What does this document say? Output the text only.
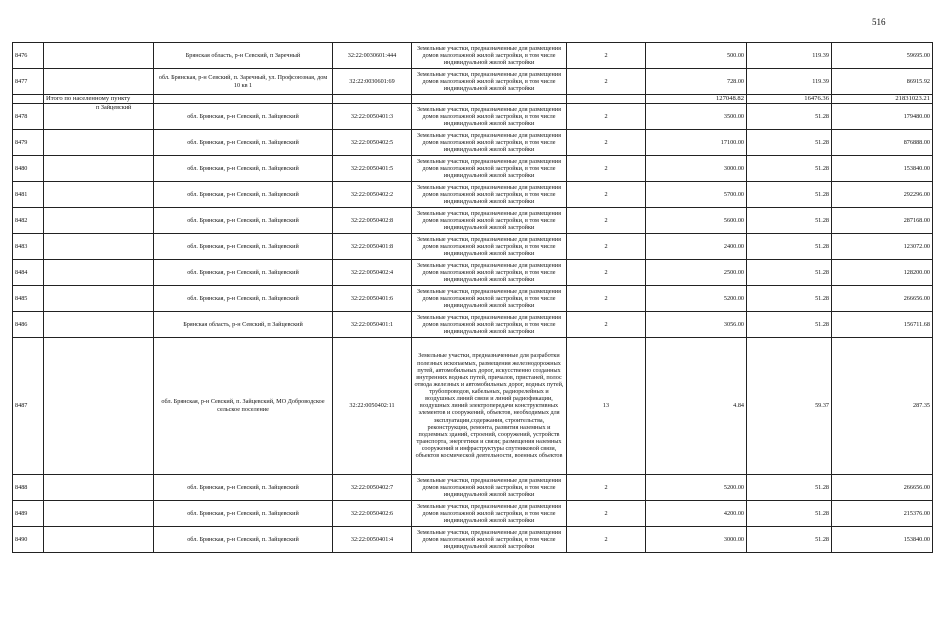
516
8476		Брянская область, р-н Севский, п Заречный	32:22:0030601:444	Земельные участки, предназначенные для размещения домов малоэтажной жилой застройки, в том числе индивидуальной жилой застройки	2	500.00	119.39	59695.00
8477		обл. Брянская, р-н Севский, п. Заречный, ул. Профсоюзная, дом 10 кв 1	32:22:0030601:69	Земельные участки, предназначенные для размещения домов малоэтажной жилой застройки, в том числе индивидуальной жилой застройки	2	728.00	119.39	86915.92
	Итого по населенному пункту					127048.82	16476.36	21831023.21
8478	п Зайцевский	обл. Брянская, р-н Севский, п. Зайцевский	32:22:0050401:3	Земельные участки, предназначенные для размещения домов малоэтажной жилой застройки, в том числе индивидуальной жилой застройки	2	3500.00	51.28	179480.00
8479		обл. Брянская, р-н Севский, п. Зайцевский	32:22:0050402:5	Земельные участки, предназначенные для размещения домов малоэтажной жилой застройки, в том числе индивидуальной жилой застройки	2	17100.00	51.28	876888.00
8480		обл. Брянская, р-н Севский, п. Зайцевский	32:22:0050401:5	Земельные участки, предназначенные для размещения домов малоэтажной жилой застройки, в том числе индивидуальной жилой застройки	2	3000.00	51.28	153840.00
8481		обл. Брянская, р-н Севский, п. Зайцевский	32:22:0050402:2	Земельные участки, предназначенные для размещения домов малоэтажной жилой застройки, в том числе индивидуальной жилой застройки	2	5700.00	51.28	292296.00
8482		обл. Брянская, р-н Севский, п. Зайцевский	32:22:0050402:8	Земельные участки, предназначенные для размещения домов малоэтажной жилой застройки, в том числе индивидуальной жилой застройки	2	5600.00	51.28	287168.00
8483		обл. Брянская, р-н Севский, п. Зайцевский	32:22:0050401:8	Земельные участки, предназначенные для размещения домов малоэтажной жилой застройки, в том числе индивидуальной жилой застройки	2	2400.00	51.28	123072.00
8484		обл. Брянская, р-н Севский, п. Зайцевский	32:22:0050402:4	Земельные участки, предназначенные для размещения домов малоэтажной жилой застройки, в том числе индивидуальной жилой застройки	2	2500.00	51.28	128200.00
8485		обл. Брянская, р-н Севский, п. Зайцевский	32:22:0050401:6	Земельные участки, предназначенные для размещения домов малоэтажной жилой застройки, в том числе индивидуальной жилой застройки	2	5200.00	51.28	266656.00
8486		Брянская область, р-н Севский, п Зайцевский	32:22:0050401:1	Земельные участки, предназначенные для размещения домов малоэтажной жилой застройки, в том числе индивидуальной жилой застройки	2	3056.00	51.28	156711.68
8487		обл. Брянская, р-н Севский, п. Зайцевский, МО Доброводское сельское поселение	32:22:0050402:11	Земельные участки, предназначенные для разработки полезных ископаемых, размещения железнодорожных путей, автомобильных дорог, искусственно созданных внутренних водных путей, причалов, пристаней, полос отвода железных и автомобильных дорог, водных путей, трубопроводов, кабельных, радиорелейных и воздушных линий связи и линий радиофикации, воздушных линий электропередачи конструктивных элементов и сооружений, объектов, необходимых для эксплуатации,содержания, строительства, реконструкции, ремонта, развития наземных и подземных зданий, строений, сооружений, устройств транспорта, энергетики и связи; размещения наземных сооружений и инфраструктуры спутниковой связи, объектов космической деятельности, военных объектов	13	4.84	59.37	287.35
8488		обл. Брянская, р-н Севский, п. Зайцевский	32:22:0050402:7	Земельные участки, предназначенные для размещения домов малоэтажной жилой застройки, в том числе индивидуальной жилой застройки	2	5200.00	51.28	266656.00
8489		обл. Брянская, р-н Севский, п. Зайцевский	32:22:0050402:6	Земельные участки, предназначенные для размещения домов малоэтажной жилой застройки, в том числе индивидуальной жилой застройки	2	4200.00	51.28	215376.00
8490		обл. Брянская, р-н Севский, п. Зайцевский	32:22:0050401:4	Земельные участки, предназначенные для размещения домов малоэтажной жилой застройки, в том числе индивидуальной жилой застройки	2	3000.00	51.28	153840.00
